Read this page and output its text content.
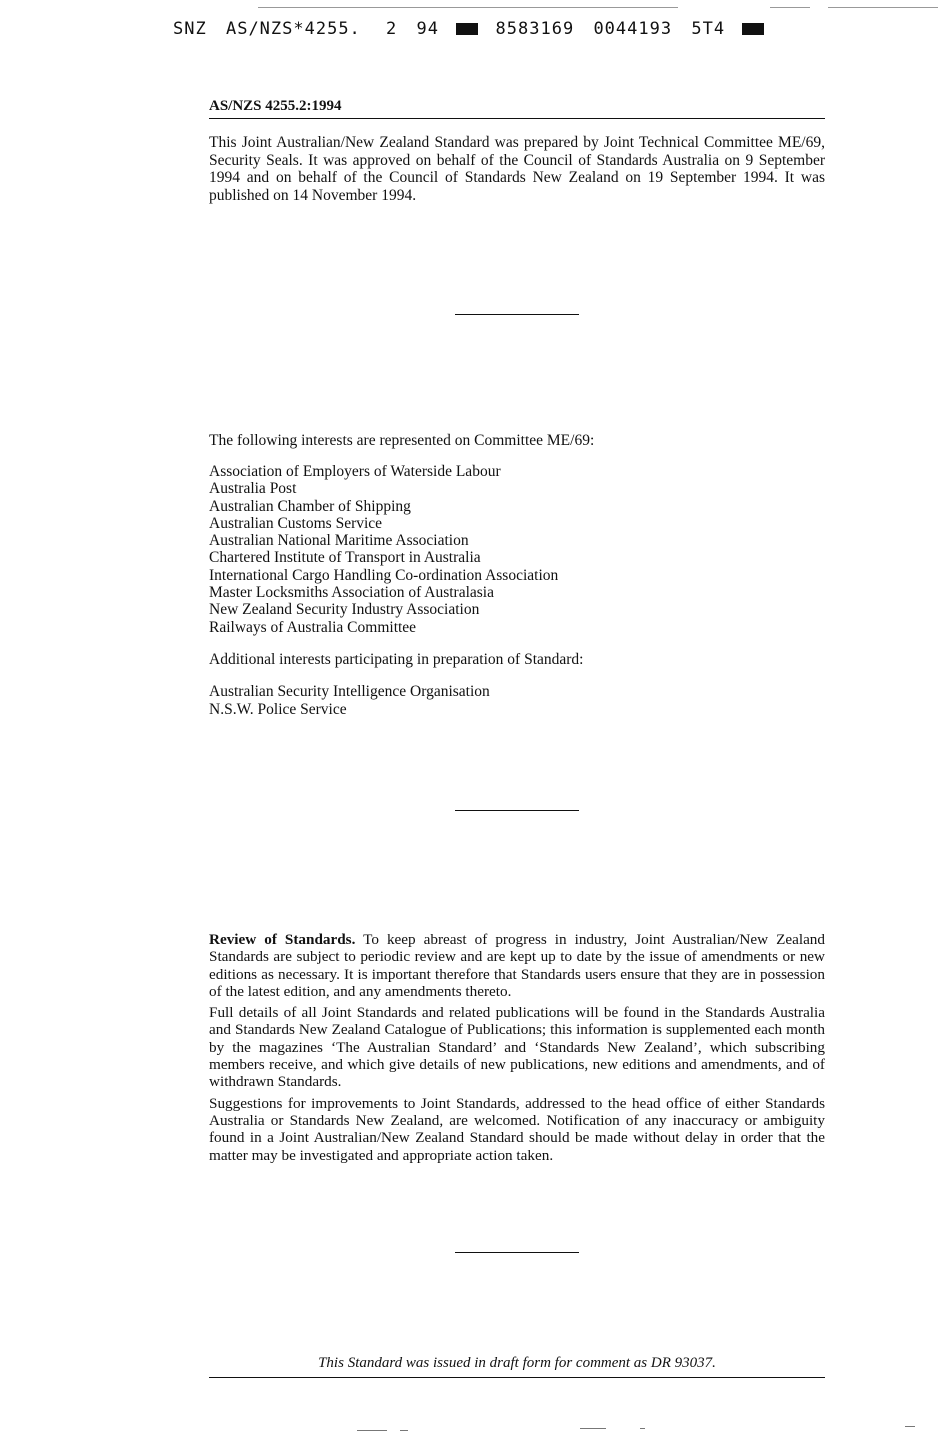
SNZ AS/NZS*4255. 2 94	8583169 0044193 5T4
AS/NZS 4255.2:1994
This Joint Australian/New Zealand Standard was prepared by Joint Technical Committee ME/69, Security Seals. It was approved on behalf of the Council of Standards Australia on 9 September 1994 and on behalf of the Council of Standards New Zealand on 19 September 1994. It was published on 14 November 1994.
The following interests are represented on Committee ME/69:
Association of Employers of Waterside Labour
Australia Post
Australian Chamber of Shipping
Australian Customs Service
Australian National Maritime Association
Chartered Institute of Transport in Australia
International Cargo Handling Co-ordination Association
Master Locksmiths Association of Australasia
New Zealand Security Industry Association
Railways of Australia Committee
Additional interests participating in preparation of Standard:
Australian Security Intelligence Organisation
N.S.W. Police Service

Review of Standards. To keep abreast of progress in industry, Joint Australian/New Zealand Standards are subject to periodic review and are kept up to date by the issue of amendments or new editions as necessary. It is important therefore that Standards users ensure that they are in possession of the latest edition, and any amendments thereto.

Full details of all Joint Standards and related publications will be found in the Standards Australia and Standards New Zealand Catalogue of Publications; this information is supplemented each month by the magazines ‘The Australian Standard’ and ‘Standards New Zealand’, which subscribing members receive, and which give details of new publications, new editions and amendments, and of withdrawn Standards.

Suggestions for improvements to Joint Standards, addressed to the head office of either Standards Australia or Standards New Zealand, are welcomed. Notification of any inaccuracy or ambiguity found in a Joint Australian/New Zealand Standard should be made without delay in order that the matter may be investigated and appropriate action taken.

This Standard was issued in draft form for comment as DR 93037.
